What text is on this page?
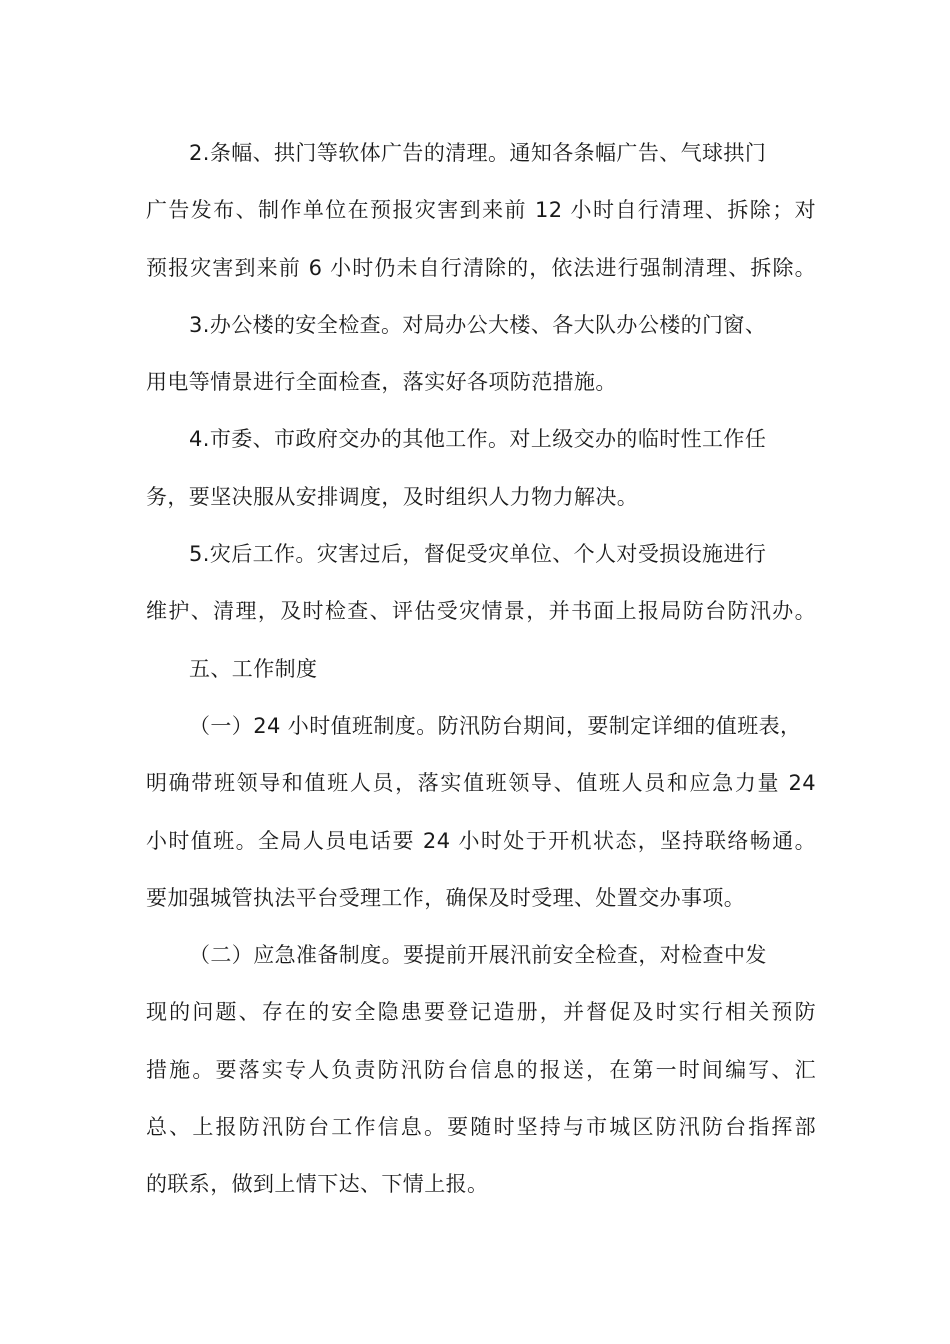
2.条幅、拱门等软体广告的清理。通知各条幅广告、气球拱门
广告发布、制作单位在预报灾害到来前 12 小时自行清理、拆除；对
预报灾害到来前 6 小时仍未自行清除的，依法进行强制清理、拆除。
3.办公楼的安全检查。对局办公大楼、各大队办公楼的门窗、
用电等情景进行全面检查，落实好各项防范措施。
4.市委、市政府交办的其他工作。对上级交办的临时性工作任
务，要坚决服从安排调度，及时组织人力物力解决。
5.灾后工作。灾害过后，督促受灾单位、个人对受损设施进行
维护、清理，及时检查、评估受灾情景，并书面上报局防台防汛办。
五、工作制度
（一）24 小时值班制度。防汛防台期间，要制定详细的值班表，
明确带班领导和值班人员，落实值班领导、值班人员和应急力量 24
小时值班。全局人员电话要 24 小时处于开机状态，坚持联络畅通。
要加强城管执法平台受理工作，确保及时受理、处置交办事项。
（二）应急准备制度。要提前开展汛前安全检查，对检查中发
现的问题、存在的安全隐患要登记造册，并督促及时实行相关预防
措施。要落实专人负责防汛防台信息的报送，在第一时间编写、汇
总、上报防汛防台工作信息。要随时坚持与市城区防汛防台指挥部
的联系，做到上情下达、下情上报。
